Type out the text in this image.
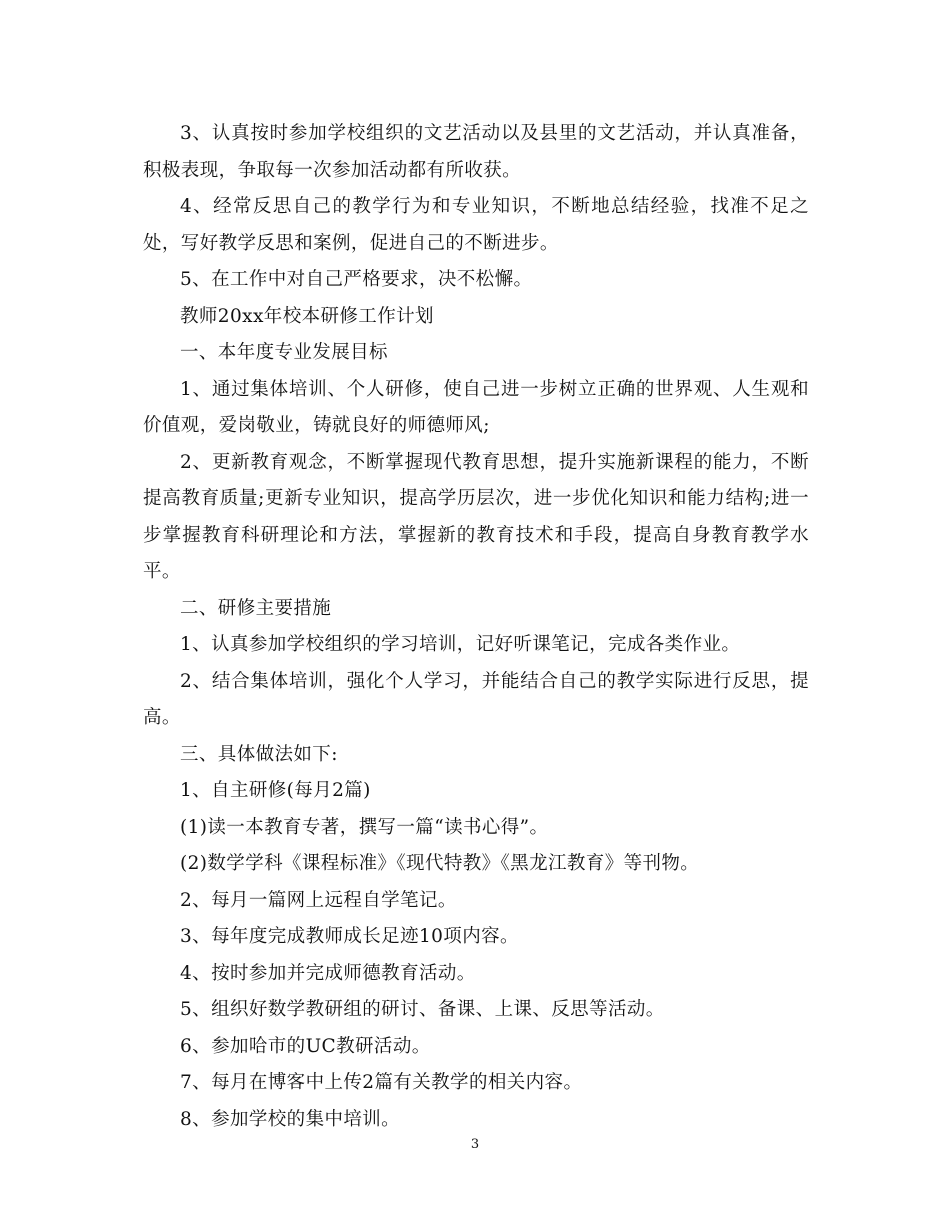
3、认真按时参加学校组织的文艺活动以及县里的文艺活动，并认真准备，积极表现，争取每一次参加活动都有所收获。

4、经常反思自己的教学行为和专业知识，不断地总结经验，找准不足之处，写好教学反思和案例，促进自己的不断进步。

5、在工作中对自己严格要求，决不松懈。

教师20xx年校本研修工作计划

一、本年度专业发展目标

1、通过集体培训、个人研修，使自己进一步树立正确的世界观、人生观和价值观，爱岗敬业，铸就良好的师德师风;

2、更新教育观念，不断掌握现代教育思想，提升实施新课程的能力，不断提高教育质量;更新专业知识，提高学历层次，进一步优化知识和能力结构;进一步掌握教育科研理论和方法，掌握新的教育技术和手段，提高自身教育教学水平。

二、研修主要措施

1、认真参加学校组织的学习培训，记好听课笔记，完成各类作业。

2、结合集体培训，强化个人学习，并能结合自己的教学实际进行反思，提高。

三、具体做法如下:

1、自主研修(每月2篇)

(1)读一本教育专著，撰写一篇“读书心得”。

(2)数学学科《课程标准》《现代特教》《黑龙江教育》等刊物。

2、每月一篇网上远程自学笔记。

3、每年度完成教师成长足迹10项内容。

4、按时参加并完成师德教育活动。

5、组织好数学教研组的研讨、备课、上课、反思等活动。

6、参加哈市的UC教研活动。

7、每月在博客中上传2篇有关教学的相关内容。

8、参加学校的集中培训。

3
